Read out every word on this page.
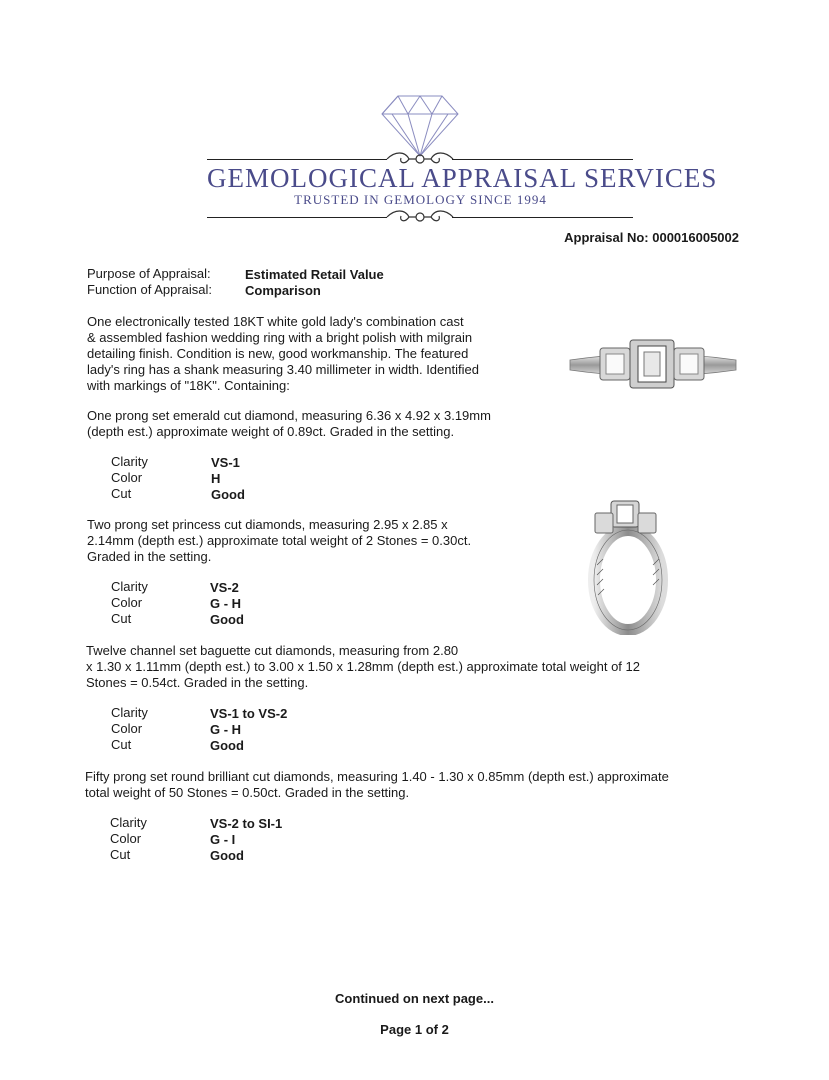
GEMOLOGICAL APPRAISAL SERVICES
TRUSTED IN GEMOLOGY SINCE 1994
Appraisal No: 000016005002
Purpose of Appraisal:	Estimated Retail Value
Function of Appraisal:	Comparison
One electronically tested 18KT white gold lady's combination cast
& assembled fashion wedding ring with a bright polish with milgrain
detailing finish. Condition is new, good workmanship. The featured
lady's ring has a shank measuring 3.40 millimeter in width. Identified
with markings of "18K". Containing:
One prong set emerald cut diamond, measuring 6.36 x 4.92 x 3.19mm
(depth est.) approximate weight of 0.89ct. Graded in the setting.
Clarity	VS-1
Color	H
Cut	Good
Two prong set princess cut diamonds, measuring 2.95 x 2.85 x
2.14mm (depth est.) approximate total weight of 2 Stones = 0.30ct.
Graded in the setting.
Clarity	VS-2
Color	G - H
Cut	Good
Twelve channel set baguette cut diamonds, measuring from 2.80
x 1.30 x 1.11mm (depth est.) to 3.00 x 1.50 x 1.28mm (depth est.) approximate total weight of 12
Stones = 0.54ct. Graded in the setting.
Clarity	VS-1 to VS-2
Color	G - H
Cut	Good
Fifty prong set round brilliant cut diamonds, measuring 1.40 - 1.30 x 0.85mm (depth est.) approximate
total weight of 50 Stones = 0.50ct. Graded in the setting.
Clarity	VS-2 to SI-1
Color	G - I
Cut	Good
Continued on next page...
Page 1 of 2
